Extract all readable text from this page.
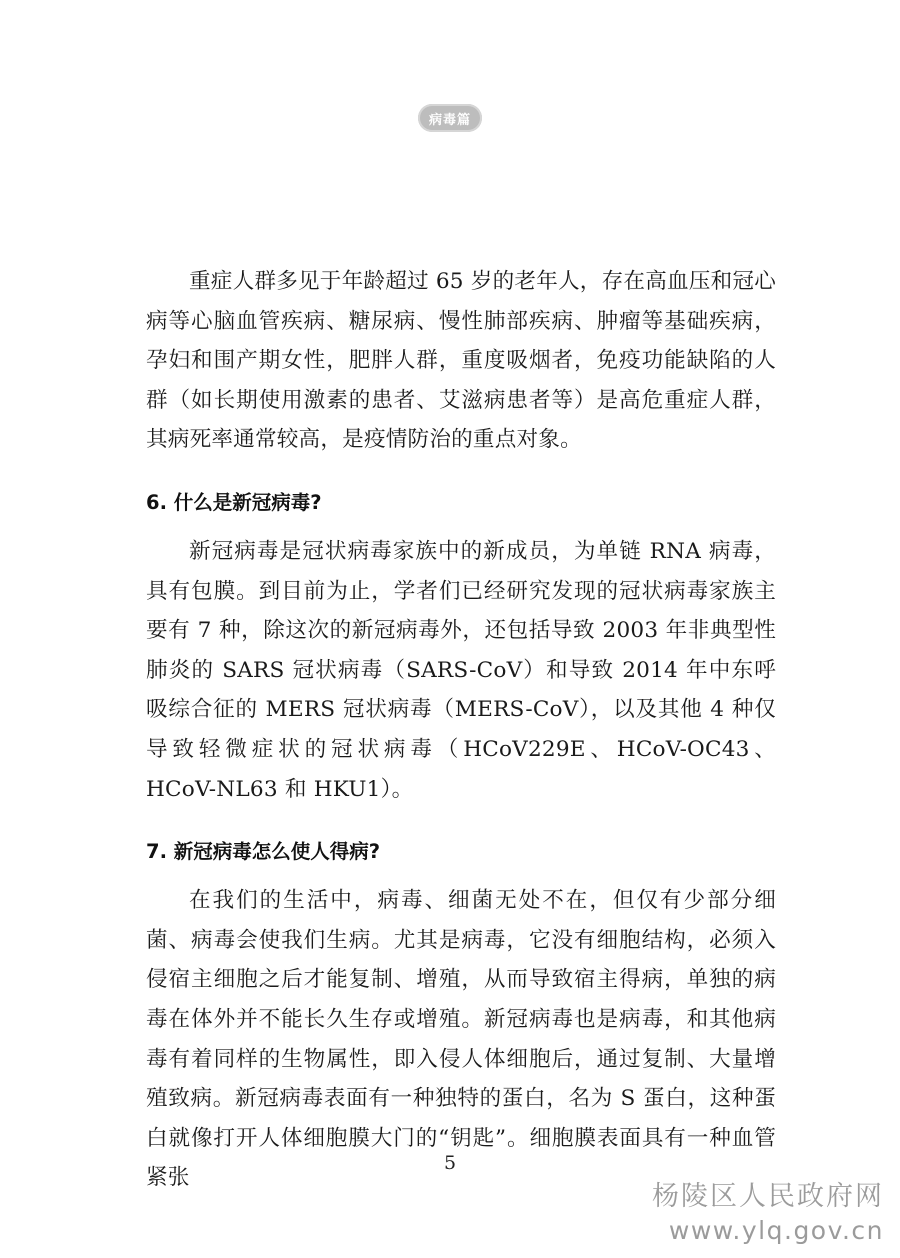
病毒篇

重症人群多见于年龄超过 65 岁的老年人，存在高血压和冠心病等心脑血管疾病、糖尿病、慢性肺部疾病、肿瘤等基础疾病，孕妇和围产期女性，肥胖人群，重度吸烟者，免疫功能缺陷的人群（如长期使用激素的患者、艾滋病患者等）是高危重症人群，其病死率通常较高，是疫情防治的重点对象。

6. 什么是新冠病毒?

新冠病毒是冠状病毒家族中的新成员，为单链 RNA 病毒，具有包膜。到目前为止，学者们已经研究发现的冠状病毒家族主要有 7 种，除这次的新冠病毒外，还包括导致 2003 年非典型性肺炎的 SARS 冠状病毒（SARS-CoV）和导致 2014 年中东呼吸综合征的 MERS 冠状病毒（MERS-CoV），以及其他 4 种仅导致轻微症状的冠状病毒（HCoV229E、HCoV-OC43、HCoV-NL63 和 HKU1）。

7. 新冠病毒怎么使人得病?

在我们的生活中，病毒、细菌无处不在，但仅有少部分细菌、病毒会使我们生病。尤其是病毒，它没有细胞结构，必须入侵宿主细胞之后才能复制、增殖，从而导致宿主得病，单独的病毒在体外并不能长久生存或增殖。新冠病毒也是病毒，和其他病毒有着同样的生物属性，即入侵人体细胞后，通过复制、大量增殖致病。新冠病毒表面有一种独特的蛋白，名为 S 蛋白，这种蛋白就像打开人体细胞膜大门的“钥匙”。细胞膜表面具有一种血管紧张

5
杨陵区人民政府网
www.ylq.gov.cn
